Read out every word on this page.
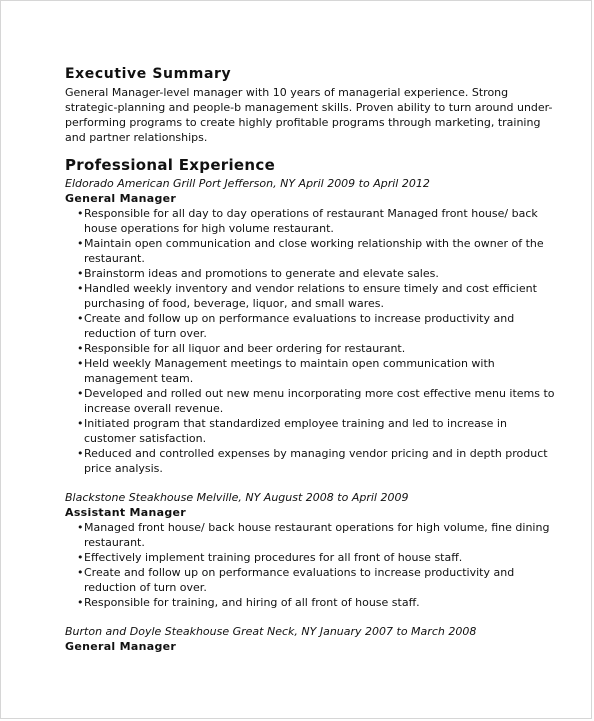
Executive Summary

General Manager-level manager with 10 years of managerial experience. Strong strategic-planning and people-b management skills. Proven ability to turn around under-performing programs to create highly profitable programs through marketing, training and partner relationships.

Professional Experience
Eldorado American Grill Port Jefferson, NY April 2009 to April 2012
General Manager
• Responsible for all day to day operations of restaurant Managed front house/ back house operations for high volume restaurant.
• Maintain open communication and close working relationship with the owner of the restaurant.
• Brainstorm ideas and promotions to generate and elevate sales.
• Handled weekly inventory and vendor relations to ensure timely and cost efficient purchasing of food, beverage, liquor, and small wares.
• Create and follow up on performance evaluations to increase productivity and reduction of turn over.
• Responsible for all liquor and beer ordering for restaurant.
• Held weekly Management meetings to maintain open communication with management team.
• Developed and rolled out new menu incorporating more cost effective menu items to increase overall revenue.
• Initiated program that standardized employee training and led to increase in customer satisfaction.
• Reduced and controlled expenses by managing vendor pricing and in depth product price analysis.
Blackstone Steakhouse Melville, NY August 2008 to April 2009
Assistant Manager
• Managed front house/ back house restaurant operations for high volume, fine dining restaurant.
• Effectively implement training procedures for all front of house staff.
• Create and follow up on performance evaluations to increase productivity and reduction of turn over.
• Responsible for training, and hiring of all front of house staff.
Burton and Doyle Steakhouse Great Neck, NY January 2007 to March 2008
General Manager
